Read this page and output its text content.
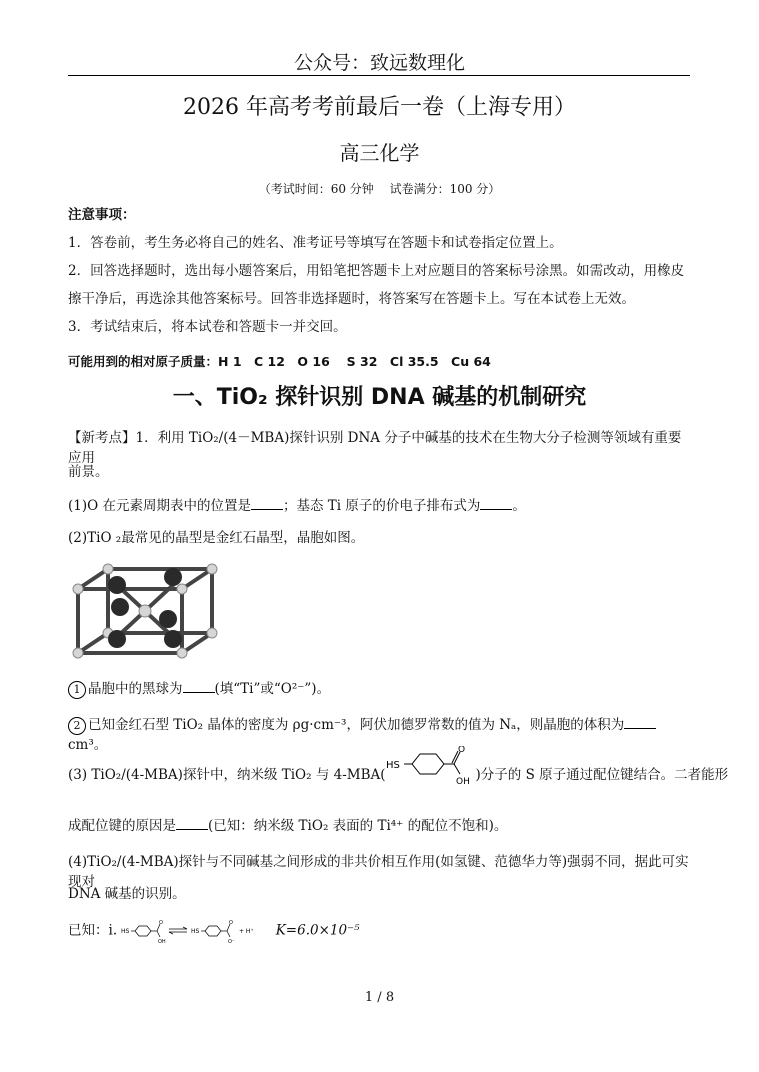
公众号：致远数理化
2026 年高考考前最后一卷（上海专用）
高三化学
（考试时间：60 分钟　 试卷满分：100 分）
注意事项：
1．答卷前，考生务必将自己的姓名、准考证号等填写在答题卡和试卷指定位置上。
2．回答选择题时，选出每小题答案后，用铅笔把答题卡上对应题目的答案标号涂黑。如需改动，用橡皮
擦干净后，再选涂其他答案标号。回答非选择题时，将答案写在答题卡上。写在本试卷上无效。
3．考试结束后，将本试卷和答题卡一并交回。
可能用到的相对原子质量：H 1　C 12　O 16　 S 32　Cl 35.5　Cu 64
一、TiO₂ 探针识别 DNA 碱基的机制研究
【新考点】1．利用 TiO₂/(4－MBA)探针识别 DNA 分子中碱基的技术在生物大分子检测等领域有重要应用
前景。
(1)O 在元素周期表中的位置是 ；基态 Ti 原子的价电子排布式为 。
(2)TiO ₂最常见的晶型是金红石晶型，晶胞如图。
1 晶胞中的黑球为 (填“Ti”或“O²⁻”)。
2 已知金红石型 TiO₂ 晶体的密度为 ρg·cm⁻³，阿伏加德罗常数的值为 Nₐ，则晶胞的体积为cm³。
(3) TiO₂/(4-MBA)探针中，纳米级 TiO₂ 与 4-MBA(
HS
O
OH )分子的 S 原子通过配位键结合。二者能形
成配位键的原因是 (已知：纳米级 TiO₂ 表面的 Ti⁴⁺ 的配位不饱和)。
(4)TiO₂/(4-MBA)探针与不同碱基之间形成的非共价相互作用(如氢键、范德华力等)强弱不同，据此可实现对
DNA 碱基的识别。
已知：i. HS
O
OH
HS
O
O⁻
+ H⁺ K=6.0×10⁻⁵
1 / 8
